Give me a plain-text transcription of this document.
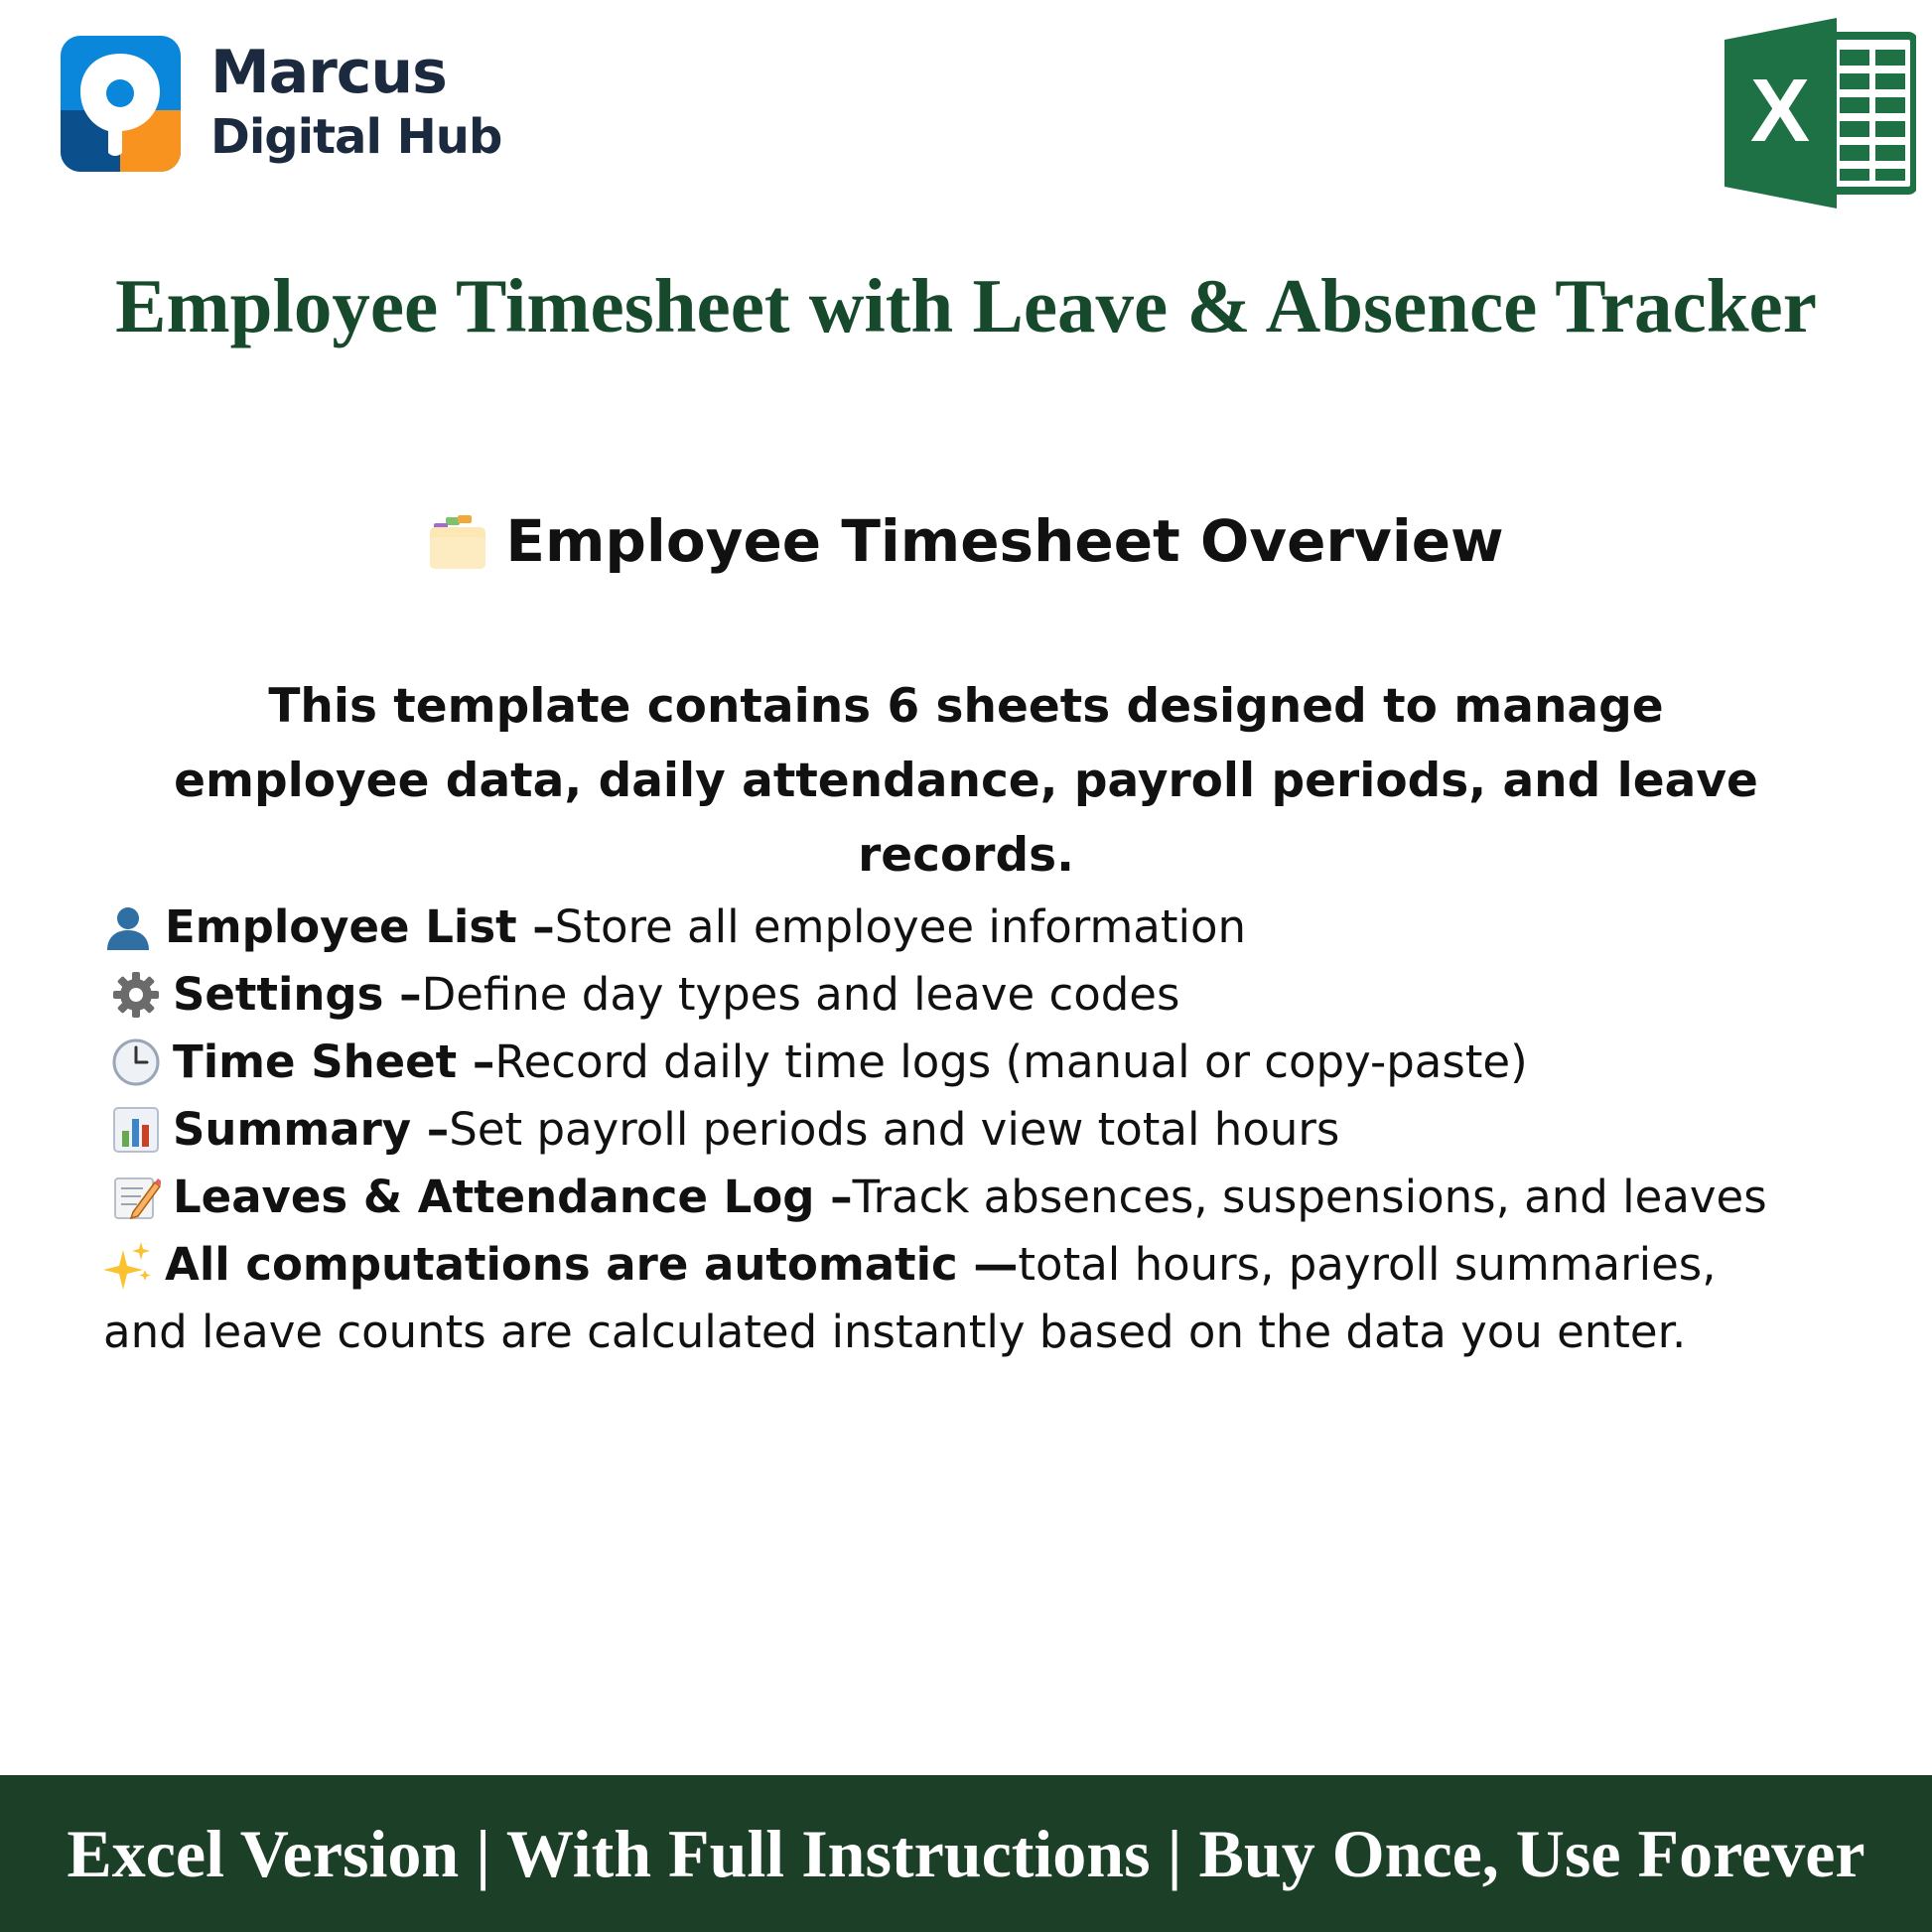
Marcus
Digital Hub	X
Employee Timesheet with Leave & Absence Tracker
Employee Timesheet Overview
This template contains 6 sheets designed to manage employee data, daily attendance, payroll periods, and leave records.
Employee List – Store all employee information
Settings – Define day types and leave codes
Time Sheet – Record daily time logs (manual or copy-paste)
Summary – Set payroll periods and view total hours
Leaves & Attendance Log – Track absences, suspensions, and leaves
All computations are automatic — total hours, payroll summaries,
and leave counts are calculated instantly based on the data you enter.
Excel Version | With Full Instructions | Buy Once, Use Forever
